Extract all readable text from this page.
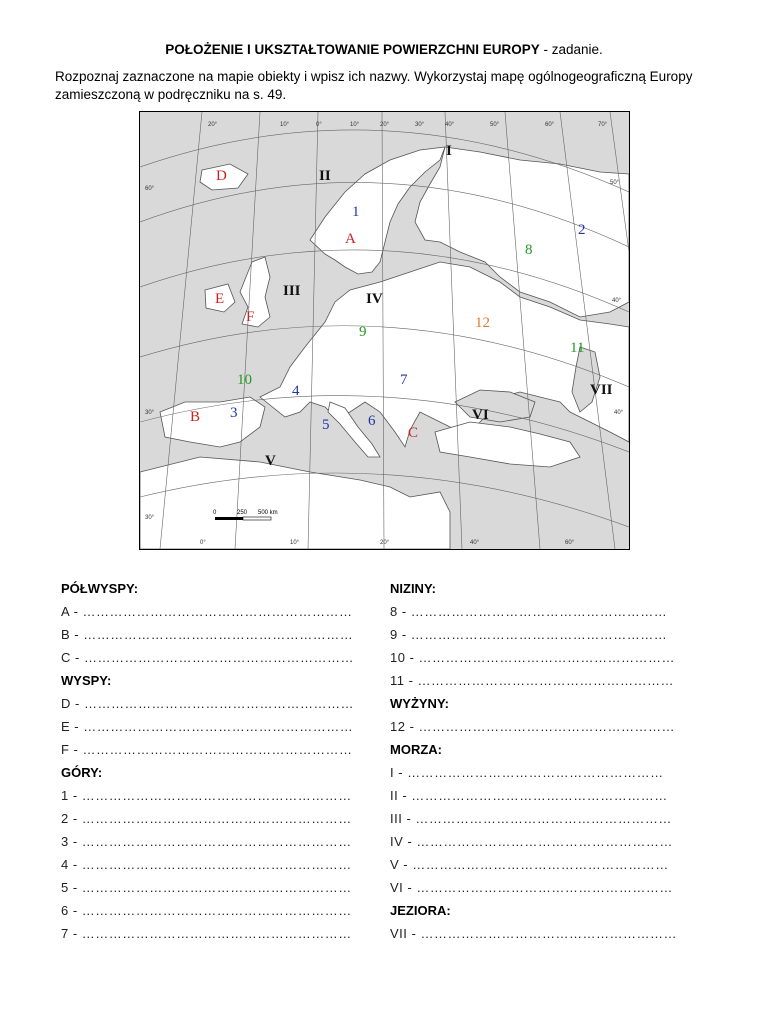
POŁOŻENIE I UKSZTAŁTOWANIE POWIERZCHNI EUROPY - zadanie.
Rozpoznaj zaznaczone na mapie obiekty i wpisz ich nazwy. Wykorzystaj mapę ogólnogeograficzną Europy zamieszczoną w podręczniku na s. 49.
0	250 500 km
20°	10°	0°	10°	20°	30°	40°	50°	60°	70°
60°
50°
40°
30°	40°
30°
0°	10°	20°	40°	60°
I
II
III	IV
V
VI
VII
A
B
C
D
E
F
1
2
3
4
5	6
7
8
9
10
11
12
PÓŁWYSPY:
A - ……………………………………………………
B - ……………………………………………………
C - ……………………………………………………
WYSPY:
D - ……………………………………………………
E - ……………………………………………………
F - ……………………………………………………
GÓRY:
1 - ……………………………………………………
2 - ……………………………………………………
3 - ……………………………………………………
4 - ……………………………………………………
5 - ……………………………………………………
6 - ……………………………………………………
7 - ……………………………………………………
NIZINY:
8 - …………………………………………………
9 - …………………………………………………
10 - …………………………………………………
11 - …………………………………………………
WYŻYNY:
12 - …………………………………………………
MORZA:
I - …………………………………………………
II - …………………………………………………
III - …………………………………………………
IV - …………………………………………………
V - …………………………………………………
VI - …………………………………………………
JEZIORA:
VII - …………………………………………………
